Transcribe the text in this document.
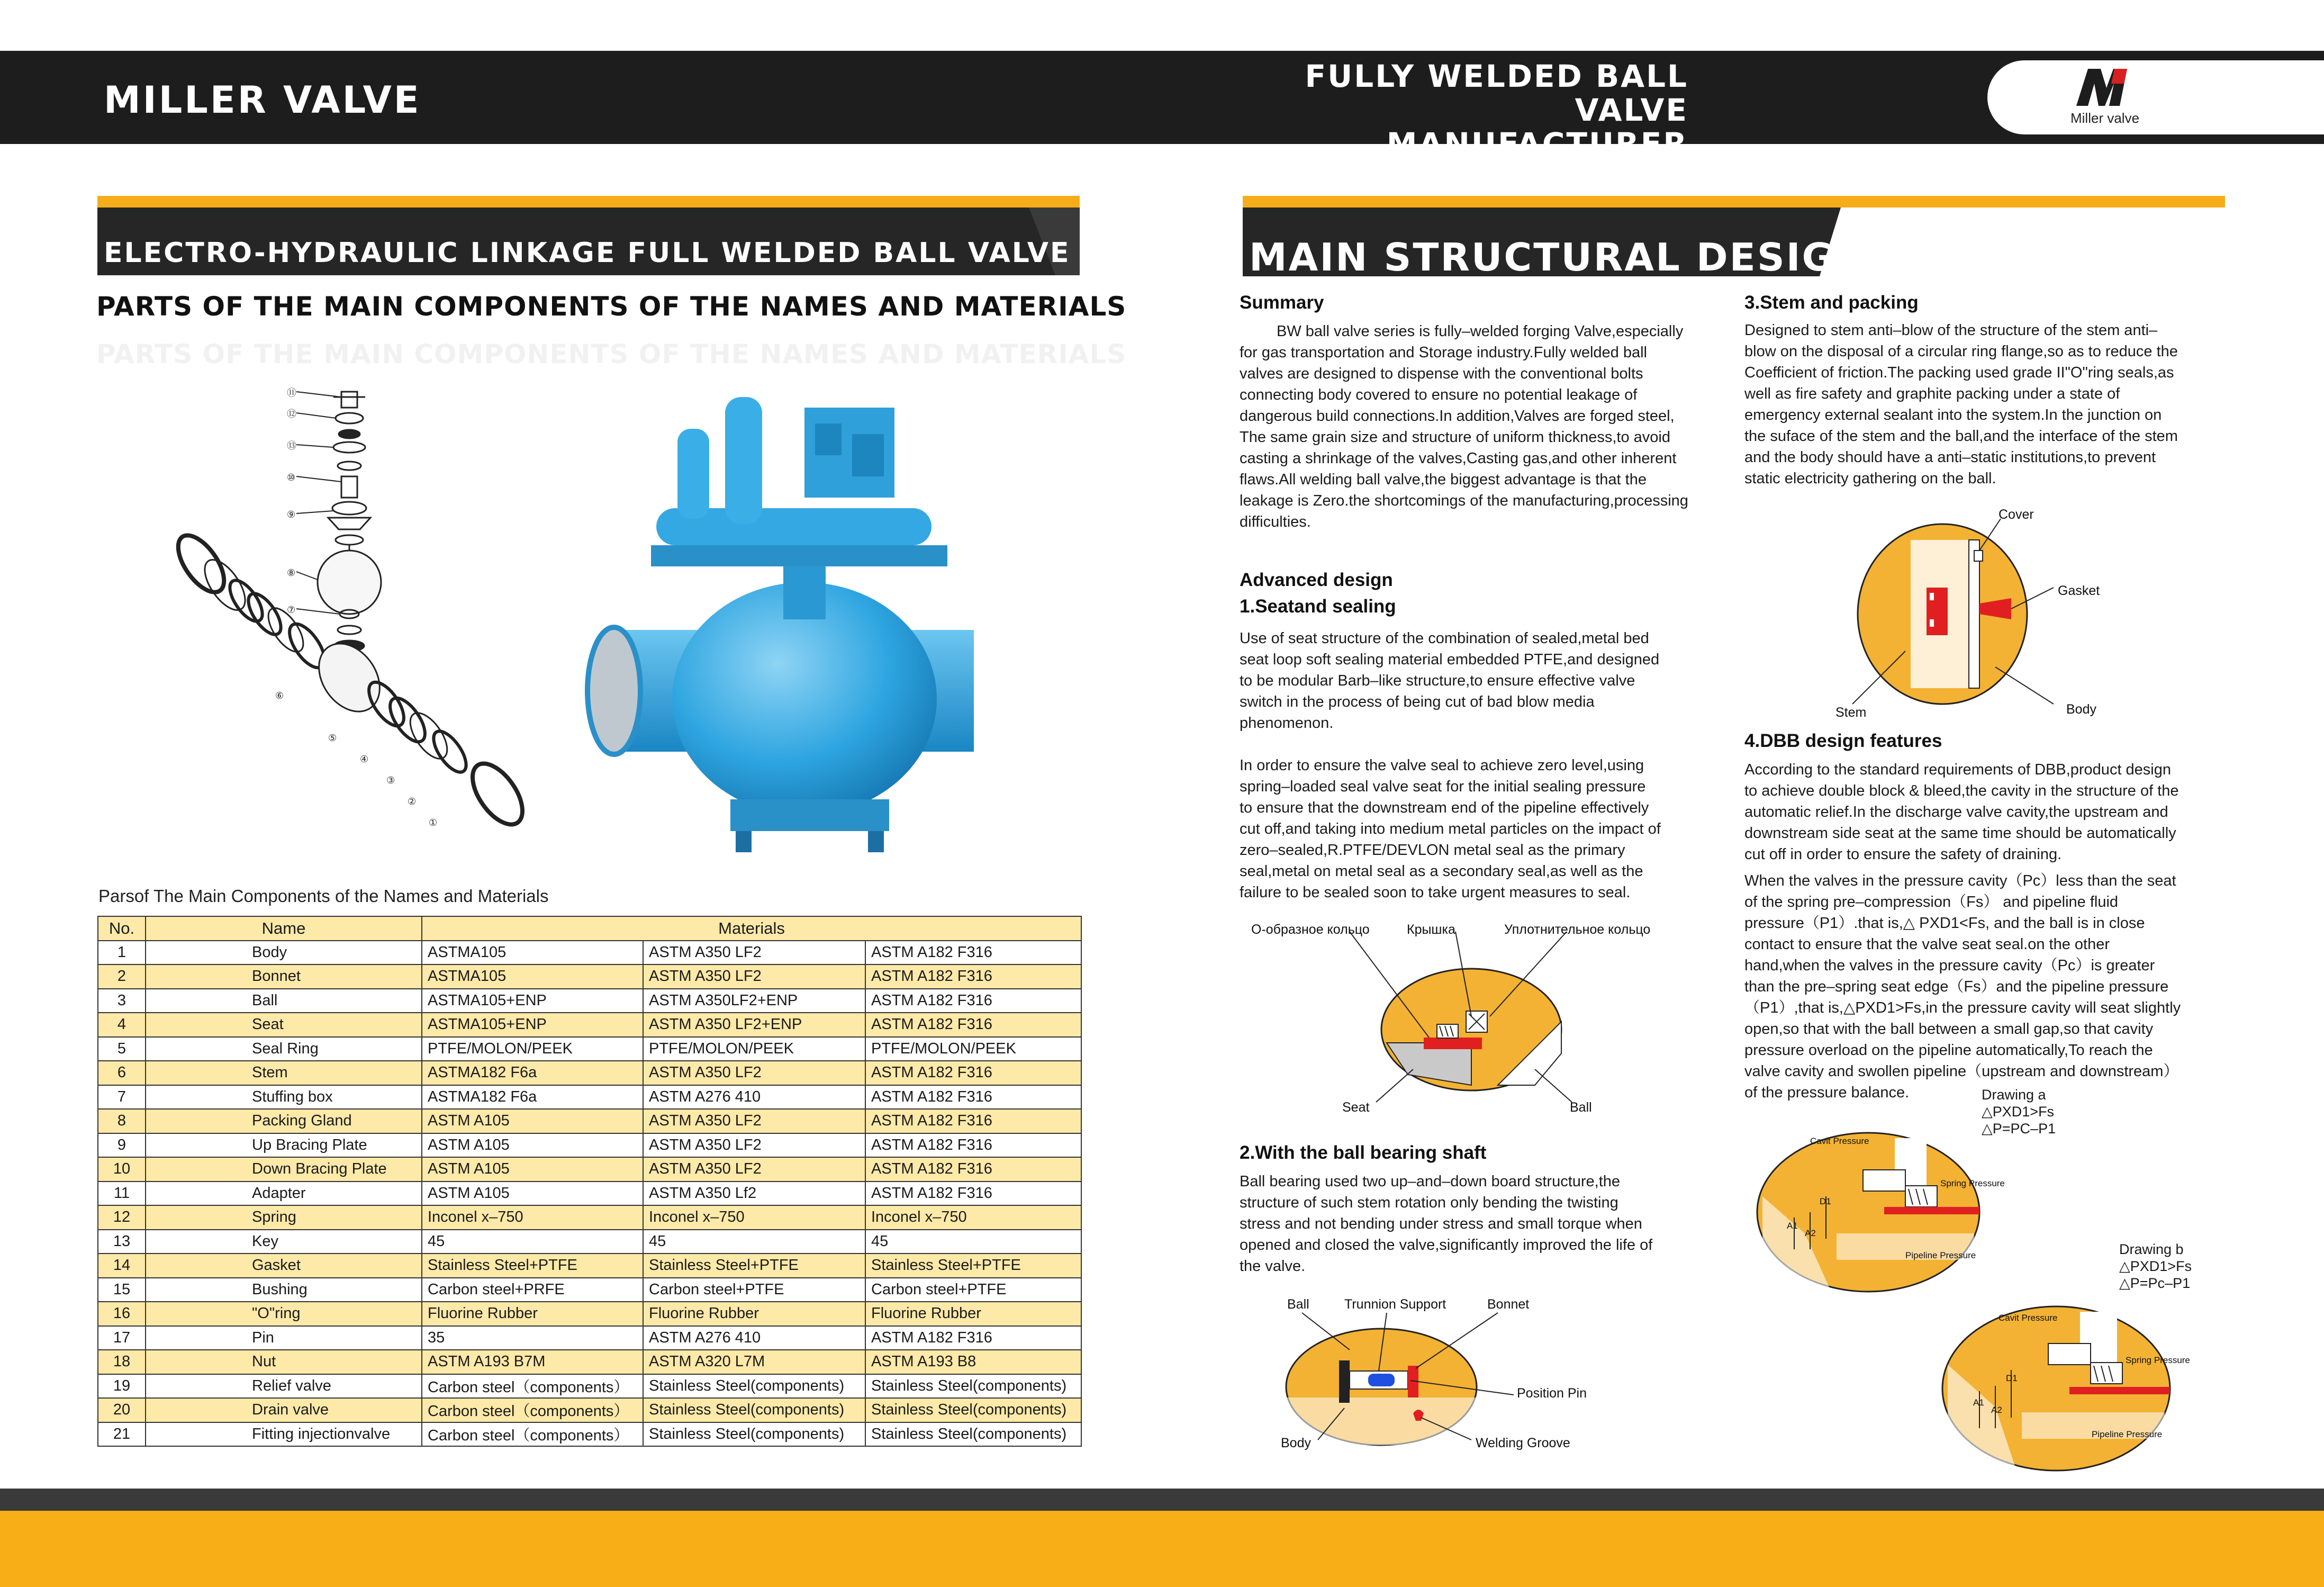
MILLER VALVE
FULLY WELDED BALL VALVE
MANUFACTURER
Miller valve
ELECTRO-HYDRAULIC LINKAGE FULL WELDED BALL VALVE
PARTS OF THE MAIN COMPONENTS OF THE NAMES AND MATERIALS
PARTS OF THE MAIN COMPONENTS OF THE NAMES AND MATERIALS
⑪
⑫
⑬
⑩
⑨
⑧
⑦
⑥
⑤
④
③
②
①
Parsof The Main Components of the Names and Materials
No.	Name	Materials		
1	Body	ASTMA105	ASTM A350 LF2	ASTM A182 F316
2	Bonnet	ASTMA105	ASTM A350 LF2	ASTM A182 F316
3	Ball	ASTMA105+ENP	ASTM A350LF2+ENP	ASTM A182 F316
4	Seat	ASTMA105+ENP	ASTM A350 LF2+ENP	ASTM A182 F316
5	Seal Ring	PTFE/MOLON/PEEK	PTFE/MOLON/PEEK	PTFE/MOLON/PEEK
6	Stem	ASTMA182 F6a	ASTM A350 LF2	ASTM A182 F316
7	Stuffing box	ASTMA182 F6a	ASTM A276 410	ASTM A182 F316
8	Packing Gland	ASTM A105	ASTM A350 LF2	ASTM A182 F316
9	Up Bracing Plate	ASTM A105	ASTM A350 LF2	ASTM A182 F316
10	Down Bracing Plate	ASTM A105	ASTM A350 LF2	ASTM A182 F316
11	Adapter	ASTM A105	ASTM A350 Lf2	ASTM A182 F316
12	Spring	Inconel x–750	Inconel x–750	Inconel x–750
13	Key	45	45	45
14	Gasket	Stainless Steel+PTFE	Stainless Steel+PTFE	Stainless Steel+PTFE
15	Bushing	Carbon steel+PRFE	Carbon steel+PTFE	Carbon steel+PTFE
16	"O"ring	Fluorine Rubber	Fluorine Rubber	Fluorine Rubber
17	Pin	35	ASTM A276 410	ASTM A182 F316
18	Nut	ASTM A193 B7M	ASTM A320 L7M	ASTM A193 B8
19	Relief valve	Carbon steel（components）	Stainless Steel(components)	Stainless Steel(components)
20	Drain valve	Carbon steel（components）	Stainless Steel(components)	Stainless Steel(components)
21	Fitting injectionvalve	Carbon steel（components）	Stainless Steel(components)	Stainless Steel(components)
MAIN STRUCTURAL DESIGN
Summary

BW ball valve series is fully–welded forging Valve,especially

for gas transportation and Storage industry.Fully welded ball

valves are designed to dispense with the conventional bolts

connecting body covered to ensure no potential leakage of

dangerous build connections.In addition,Valves are forged steel,

The same grain size and structure of uniform thickness,to avoid

casting a shrinkage of the valves,Casting gas,and other inherent

flaws.All welding ball valve,the biggest advantage is that the

leakage is Zero.the shortcomings of the manufacturing,processing

difficulties.

Advanced design
1.Seatand sealing

Use of seat structure of the combination of sealed,metal bed

seat loop soft sealing material embedded PTFE,and designed

to be modular Barb–like structure,to ensure effective valve

switch in the process of being cut of bad blow media

phenomenon.

In order to ensure the valve seal to achieve zero level,using

spring–loaded seal valve seat for the initial sealing pressure

to ensure that the downstream end of the pipeline effectively

cut off,and taking into medium metal particles on the impact of

zero–sealed,R.PTFE/DEVLON metal seal as the primary

seal,metal on metal seal as a secondary seal,as well as the

failure to be sealed soon to take urgent measures to seal.

О-образное кольцо	Крышка	Уплотнительное кольцо
Seat	Ball
2.With the ball bearing shaft

Ball bearing used two up–and–down board structure,the

structure of such stem rotation only bending the twisting

stress and not bending under stress and small torque when

opened and closed the valve,significantly improved the life of

the valve.

Ball	Trunnion Support	Bonnet
Position Pin
Body	Welding Groove
3.Stem and packing

Designed to stem anti–blow of the structure of the stem anti–

blow on the disposal of a circular ring flange,so as to reduce the

Coefficient of friction.The packing used grade II"O"ring seals,as

well as fire safety and graphite packing under a state of

emergency external sealant into the system.In the junction on

the suface of the stem and the ball,and the interface of the stem

and the body should have a anti–static institutions,to prevent

static electricity gathering on the ball.

Cover
Gasket
Stem	Body
4.DBB design features

According to the standard requirements of DBB,product design

to achieve double block & bleed,the cavity in the structure of the

automatic relief.In the discharge valve cavity,the upstream and

downstream side seat at the same time should be automatically

cut off in order to ensure the safety of draining.

When the valves in the pressure cavity（Pc）less than the seat

of the spring pre–compression（Fs） and pipeline fluid

pressure（P1）.that is,△ PXD1<Fs, and the ball is in close

contact to ensure that the valve seat seal.on the other

hand,when the valves in the pressure cavity（Pc）is greater

than the pre–spring seat edge（Fs）and the pipeline pressure

（P1）,that is,△PXD1>Fs,in the pressure cavity will seat slightly

open,so that with the ball between a small gap,so that cavity

pressure overload on the pipeline automatically,To reach the

valve cavity and swollen pipeline（upstream and downstream）

of the pressure balance.	Drawing a
△PXD1>Fs
△P=PC–P1
Cavit Pressure
Spring Pressure
Pipeline Pressure
D1
A1
A2
Drawing b
△PXD1>Fs
△P=Pc–P1
Cavit Pressure
Spring Pressure
Pipeline Pressure
D1
A1
A2
